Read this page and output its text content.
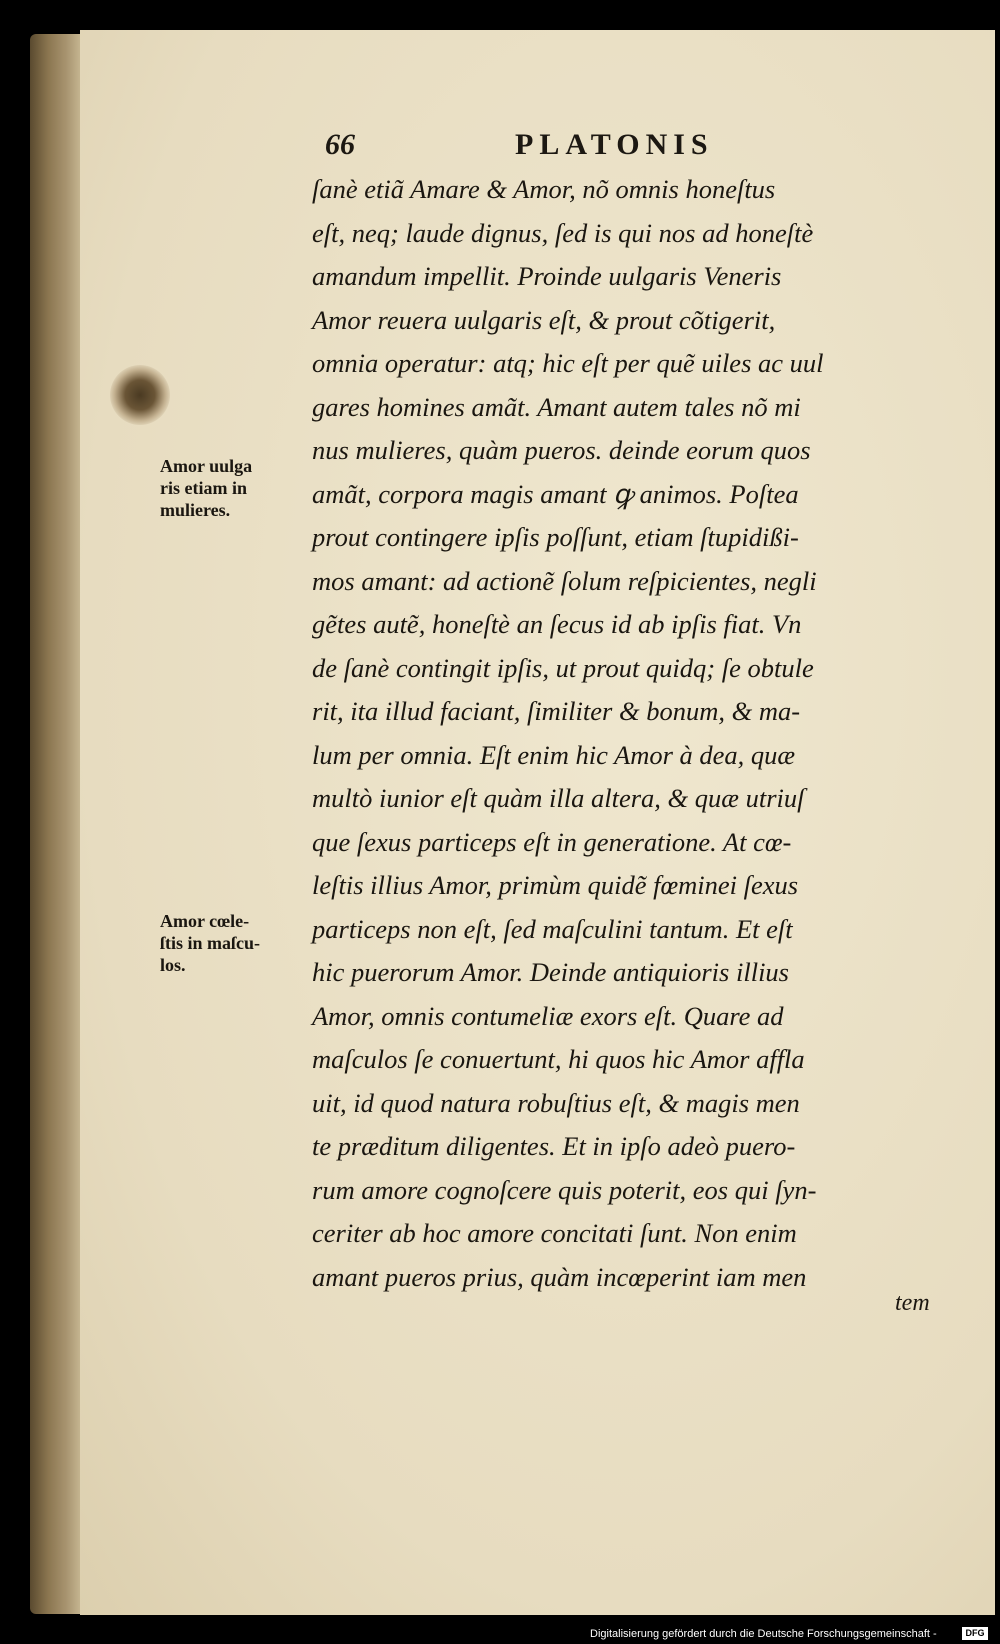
66	PLATONIS
ſanè etiã Amare & Amor, nõ omnis honeſtus
eſt, neq; laude dignus, ſed is qui nos ad honeſtè
amandum impellit. Proinde uulgaris Veneris
Amor reuera uulgaris eſt, & prout cõtigerit,
omnia operatur: atq; hic eſt per quẽ uiles ac uul
gares homines amãt. Amant autem tales nõ mi
nus mulieres, quàm pueros. deinde eorum quos
amãt, corpora magis amant ꝙ animos. Poſtea
prout contingere ipſis poſſunt, etiam ſtupidißi-
mos amant: ad actionẽ ſolum reſpicientes, negli
gẽtes autẽ, honeſtè an ſecus id ab ipſis fiat. Vn
de ſanè contingit ipſis, ut prout quidq; ſe obtule
rit, ita illud faciant, ſimiliter & bonum, & ma-
lum per omnia. Eſt enim hic Amor à dea, quæ
multò iunior eſt quàm illa altera, & quæ utriuſ
que ſexus particeps eſt in generatione. At cœ-
leſtis illius Amor, primùm quidẽ fœminei ſexus
particeps non eſt, ſed maſculini tantum. Et eſt
hic puerorum Amor. Deinde antiquioris illius
Amor, omnis contumeliæ exors eſt. Quare ad
maſculos ſe conuertunt, hi quos hic Amor affla
uit, id quod natura robuſtius eſt, & magis men
te præditum diligentes. Et in ipſo adeò puero-
rum amore cognoſcere quis poterit, eos qui ſyn-
ceriter ab hoc amore concitati ſunt. Non enim
amant pueros prius, quàm incœperint iam men
tem
Amor uulga
ris etiam in
mulieres.
Amor cœle-
ſtis in maſcu-
los.
Digitalisierung gefördert durch die Deutsche Forschungsgemeinschaft -	DFG
